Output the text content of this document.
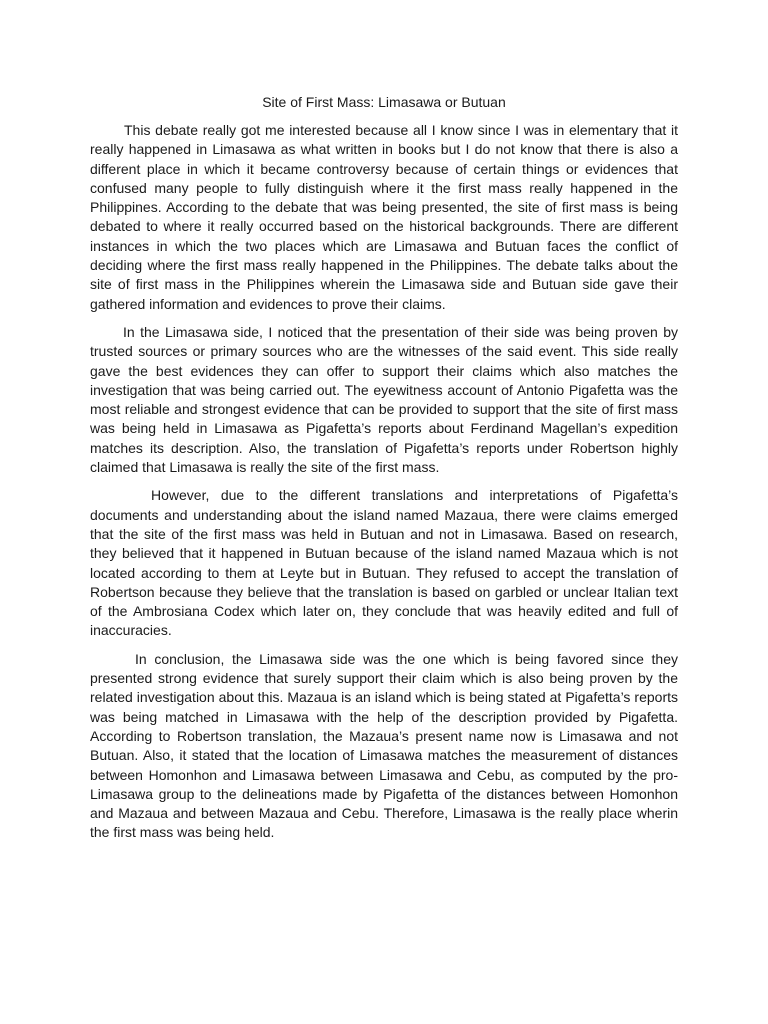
Site of First Mass: Limasawa or Butuan

This debate really got me interested because all I know since I was in elementary that it really happened in Limasawa as what written in books but I do not know that there is also a different place in which it became controversy because of certain things or evidences that confused many people to fully distinguish where it the first mass really happened in the Philippines. According to the debate that was being presented, the site of first mass is being debated to where it really occurred based on the historical backgrounds. There are different instances in which the two places which are Limasawa and Butuan faces the conflict of deciding where the first mass really happened in the Philippines. The debate talks about the site of first mass in the Philippines wherein the Limasawa side and Butuan side gave their gathered information and evidences to prove their claims.

In the Limasawa side, I noticed that the presentation of their side was being proven by trusted sources or primary sources who are the witnesses of the said event. This side really gave the best evidences they can offer to support their claims which also matches the investigation that was being carried out. The eyewitness account of Antonio Pigafetta was the most reliable and strongest evidence that can be provided to support that the site of first mass was being held in Limasawa as Pigafetta’s reports about Ferdinand Magellan’s expedition matches its description. Also, the translation of Pigafetta’s reports under Robertson highly claimed that Limasawa is really the site of the first mass.

However, due to the different translations and interpretations of Pigafetta’s documents and understanding about the island named Mazaua, there were claims emerged that the site of the first mass was held in Butuan and not in Limasawa. Based on research, they believed that it happened in Butuan because of the island named Mazaua which is not located according to them at Leyte but in Butuan. They refused to accept the translation of Robertson because they believe that the translation is based on garbled or unclear Italian text of the Ambrosiana Codex which later on, they conclude that was heavily edited and full of inaccuracies.

In conclusion, the Limasawa side was the one which is being favored since they presented strong evidence that surely support their claim which is also being proven by the related investigation about this. Mazaua is an island which is being stated at Pigafetta’s reports was being matched in Limasawa with the help of the description provided by Pigafetta. According to Robertson translation, the Mazaua’s present name now is Limasawa and not Butuan. Also, it stated that the location of Limasawa matches the measurement of distances between Homonhon and Limasawa between Limasawa and Cebu, as computed by the pro-Limasawa group to the delineations made by Pigafetta of the distances between Homonhon and Mazaua and between Mazaua and Cebu. Therefore, Limasawa is the really place wherin the first mass was being held.
